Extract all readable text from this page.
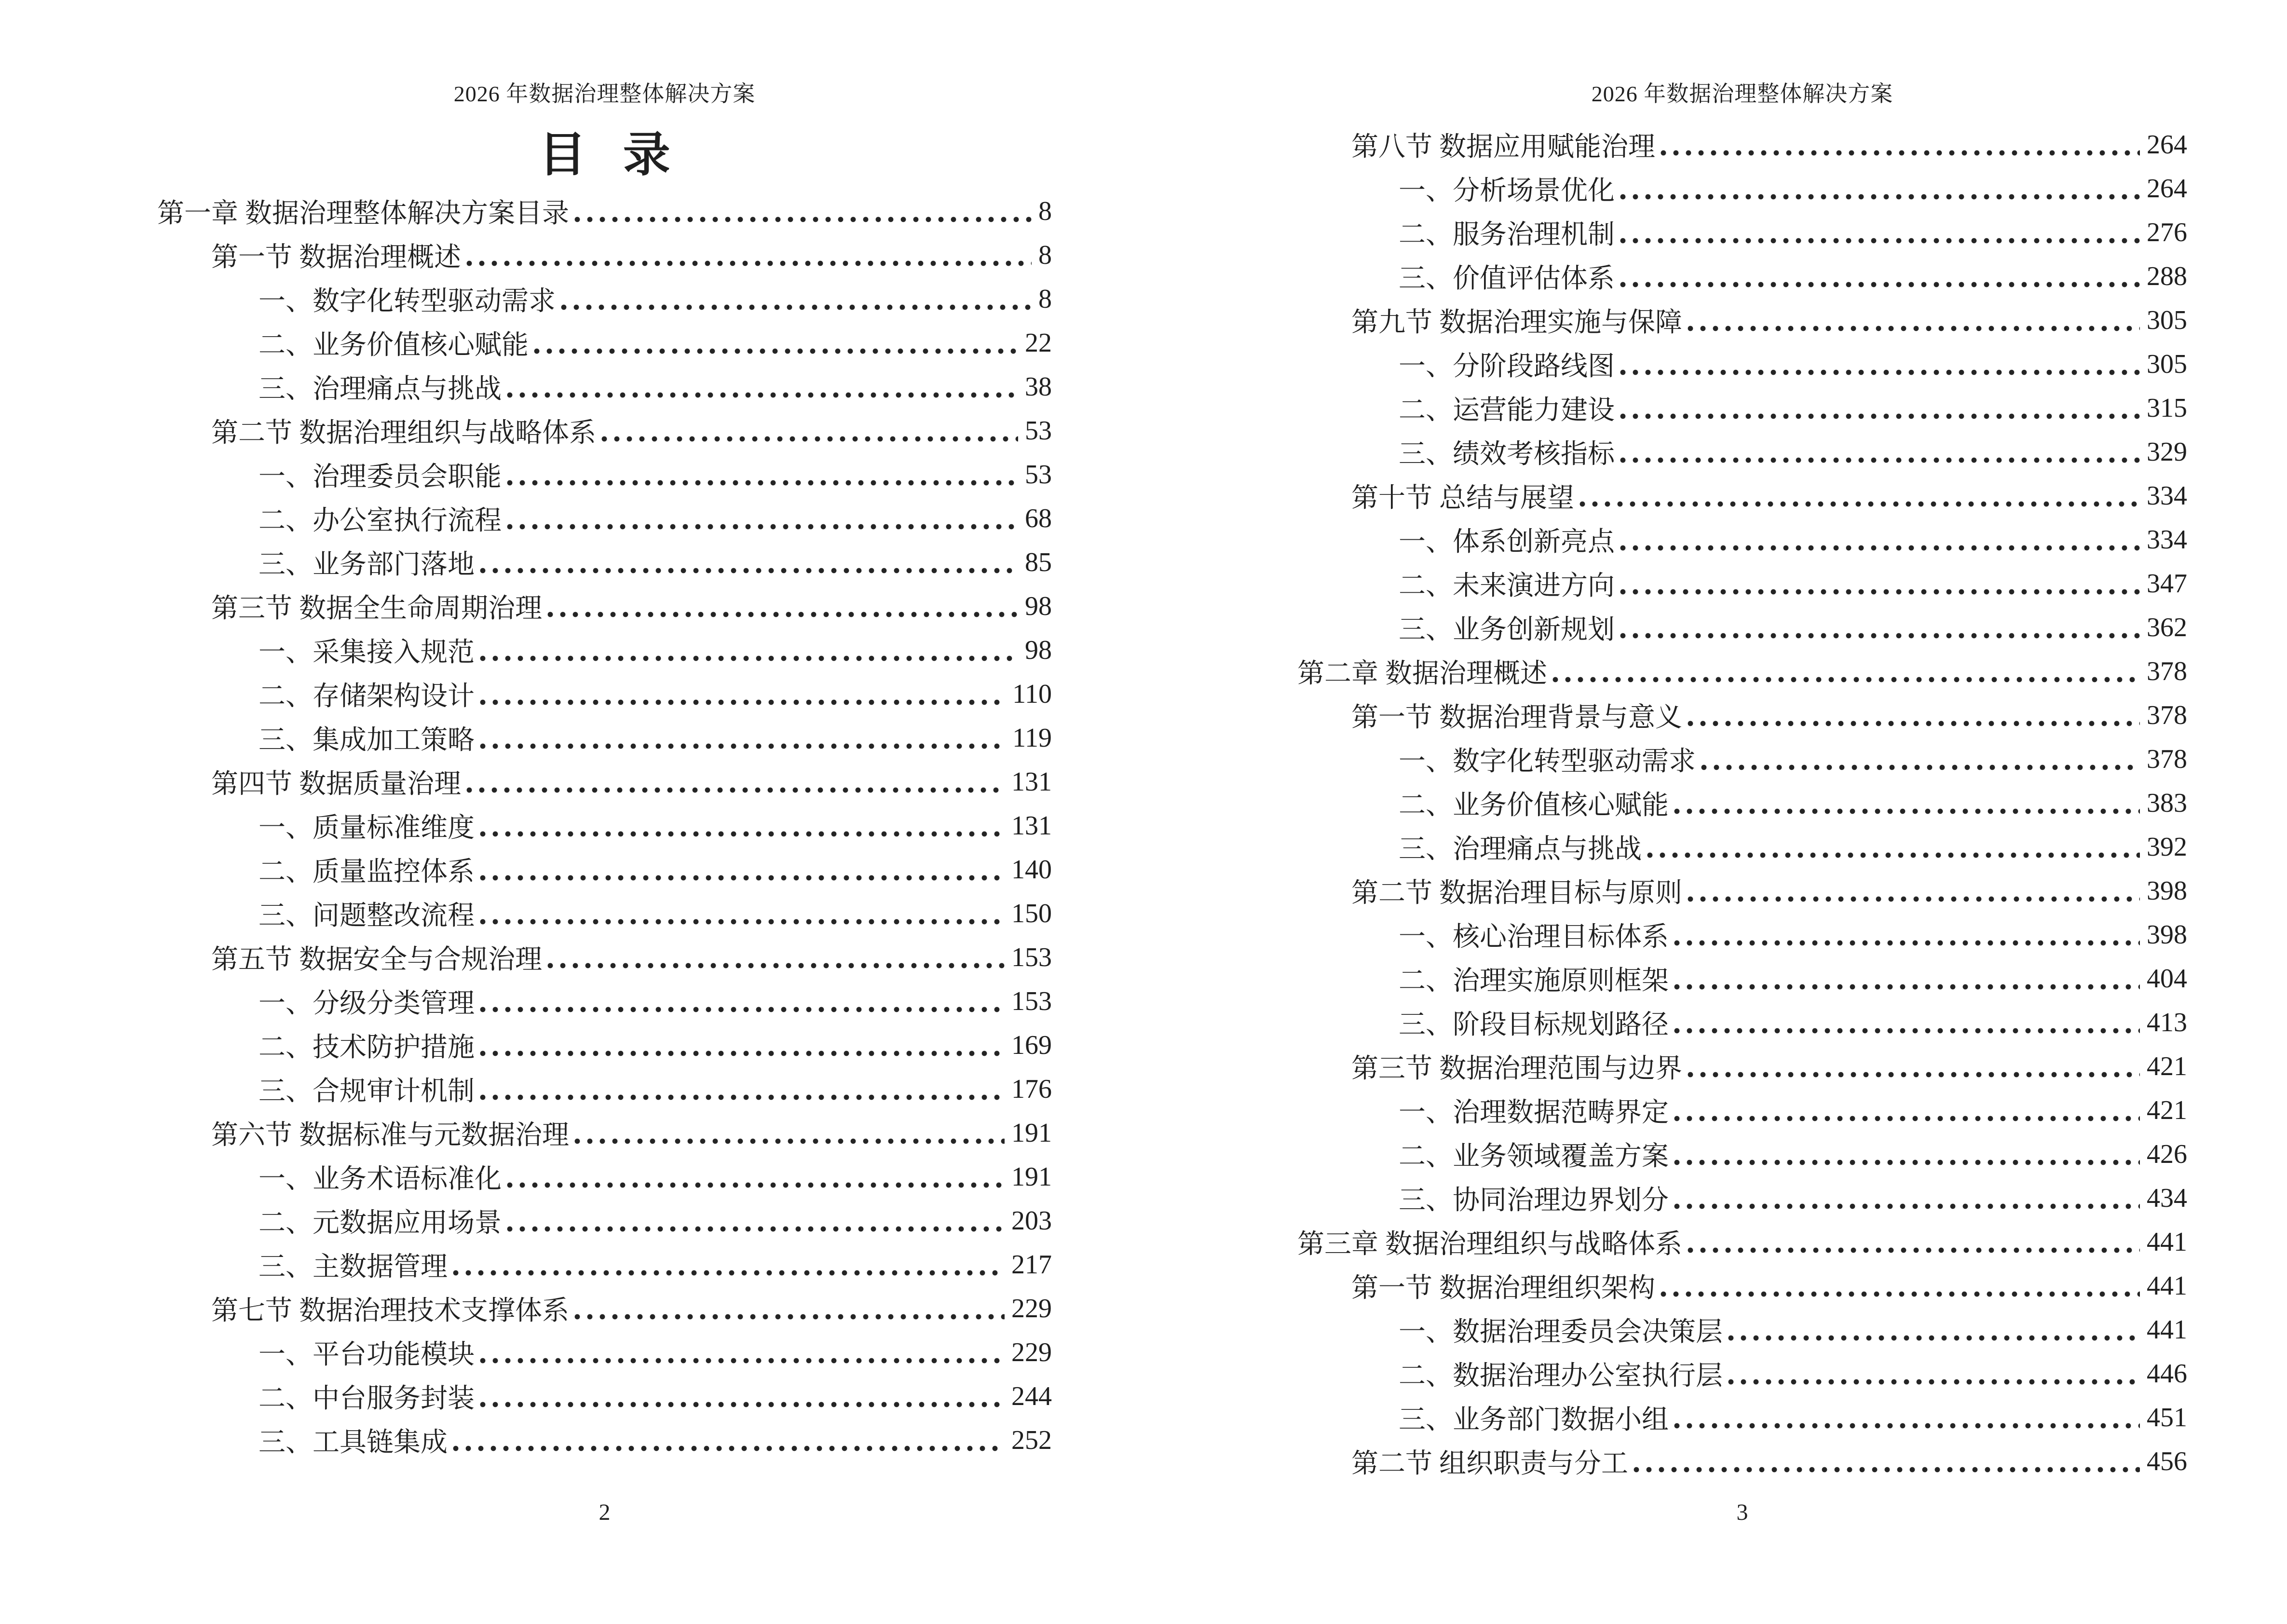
2026 年数据治理整体解决方案
目 录
第一章 数据治理整体解决方案目录	8
第一节 数据治理概述	8
一、数字化转型驱动需求	8
二、业务价值核心赋能	22
三、治理痛点与挑战	38
第二节 数据治理组织与战略体系	53
一、治理委员会职能	53
二、办公室执行流程	68
三、业务部门落地	85
第三节 数据全生命周期治理	98
一、采集接入规范	98
二、存储架构设计	110
三、集成加工策略	119
第四节 数据质量治理	131
一、质量标准维度	131
二、质量监控体系	140
三、问题整改流程	150
第五节 数据安全与合规治理	153
一、分级分类管理	153
二、技术防护措施	169
三、合规审计机制	176
第六节 数据标准与元数据治理	191
一、业务术语标准化	191
二、元数据应用场景	203
三、主数据管理	217
第七节 数据治理技术支撑体系	229
一、平台功能模块	229
二、中台服务封装	244
三、工具链集成	252
2
2026 年数据治理整体解决方案
第八节 数据应用赋能治理	264
一、分析场景优化	264
二、服务治理机制	276
三、价值评估体系	288
第九节 数据治理实施与保障	305
一、分阶段路线图	305
二、运营能力建设	315
三、绩效考核指标	329
第十节 总结与展望	334
一、体系创新亮点	334
二、未来演进方向	347
三、业务创新规划	362
第二章 数据治理概述	378
第一节 数据治理背景与意义	378
一、数字化转型驱动需求	378
二、业务价值核心赋能	383
三、治理痛点与挑战	392
第二节 数据治理目标与原则	398
一、核心治理目标体系	398
二、治理实施原则框架	404
三、阶段目标规划路径	413
第三节 数据治理范围与边界	421
一、治理数据范畴界定	421
二、业务领域覆盖方案	426
三、协同治理边界划分	434
第三章 数据治理组织与战略体系	441
第一节 数据治理组织架构	441
一、数据治理委员会决策层	441
二、数据治理办公室执行层	446
三、业务部门数据小组	451
第二节 组织职责与分工	456
3
